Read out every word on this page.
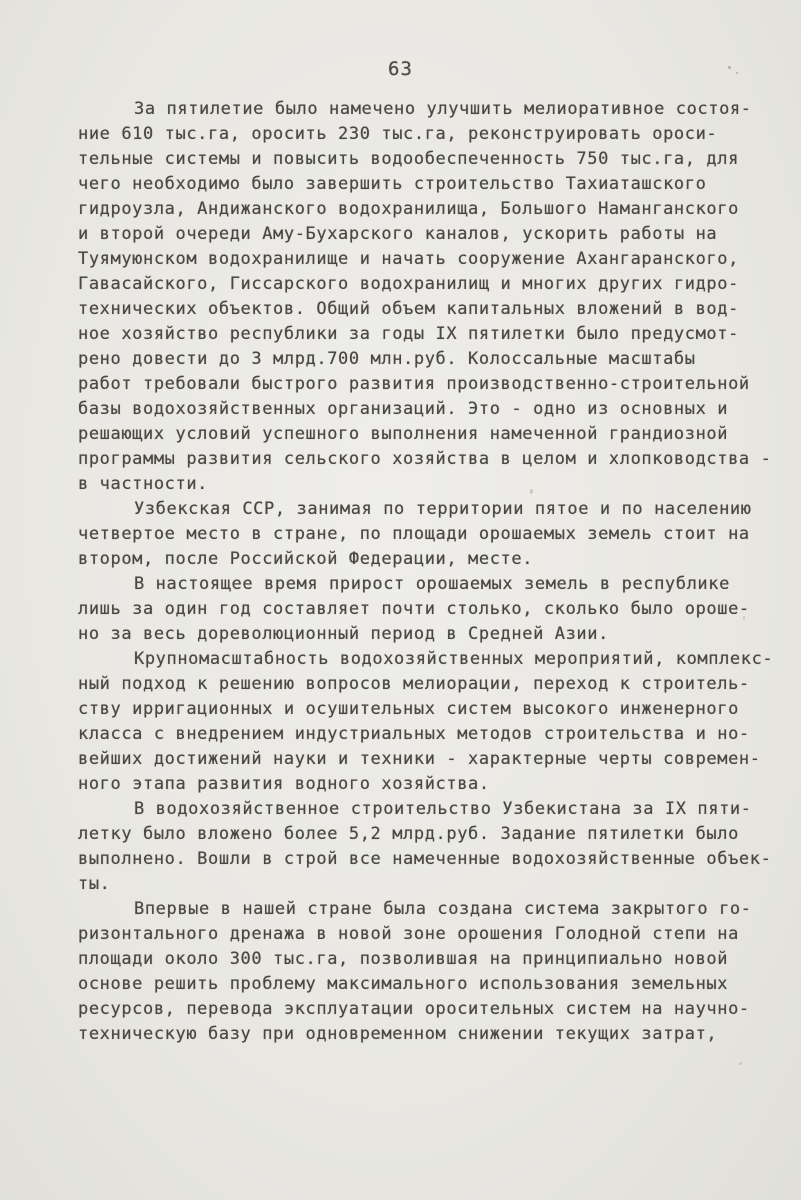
63
За пятилетие было намечено улучшить мелиоративное состоя-
ние 610 тыс.га, оросить 230 тыс.га, реконструировать ороси-
тельные системы и повысить водообеспеченность 750 тыс.га, для
чего необходимо было завершить строительство Тахиаташского
гидроузла, Андижанского водохранилища, Большого Наманганского
и второй очереди Аму-Бухарского каналов, ускорить работы на
Туямуюнском водохранилище и начать сооружение Ахангаранского,
Гавасайского, Гиссарского водохранилищ и многих других гидро-
технических объектов. Общий объем капитальных вложений в вод-
ное хозяйство республики за годы IX пятилетки было предусмот-
рено довести до 3 млрд.700 млн.руб. Колоссальные масштабы
работ требовали быстрого развития производственно-строительной
базы водохозяйственных организаций. Это - одно из основных и
решающих условий успешного выполнения намеченной грандиозной
программы развития сельского хозяйства в целом и хлопководства -
в частности.
Узбекская ССР, занимая по территории пятое и по населению
четвертое место в стране, по площади орошаемых земель стоит на
втором, после Российской Федерации, месте.
В настоящее время прирост орошаемых земель в республике
лишь за один год составляет почти столько, сколько было ороше-
но за весь дореволюционный период в Средней Азии.
Крупномасштабность водохозяйственных мероприятий, комплекс-
ный подход к решению вопросов мелиорации, переход к строитель-
ству ирригационных и осушительных систем высокого инженерного
класса с внедрением индустриальных методов строительства и но-
вейших достижений науки и техники - характерные черты современ-
ного этапа развития водного хозяйства.
В водохозяйственное строительство Узбекистана за IX пяти-
летку было вложено более 5,2 млрд.руб. Задание пятилетки было
выполнено. Вошли в строй все намеченные водохозяйственные объек-
ты.
Впервые в нашей стране была создана система закрытого го-
ризонтального дренажа в новой зоне орошения Голодной степи на
площади около 300 тыс.га, позволившая на принципиально новой
основе решить проблему максимального использования земельных
ресурсов, перевода эксплуатации оросительных систем на научно-
техническую базу при одновременном снижении текущих затрат,
